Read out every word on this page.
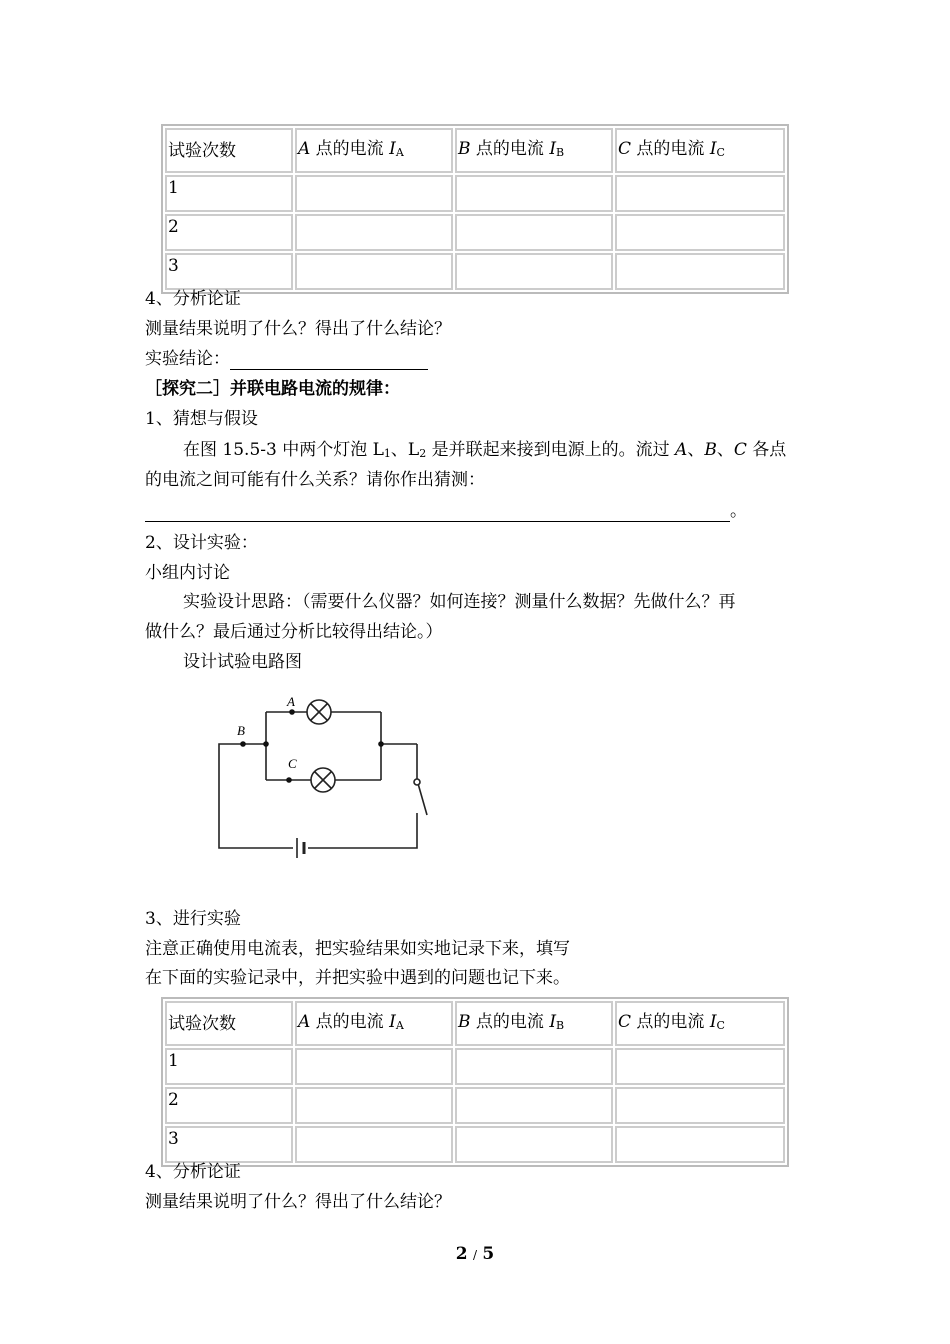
试验次数	A 点的电流 $I_A$	B 点的电流 $I_B$	C 点的电流 $I_C$
1			
2			
3			
4、分析论证
测量结果说明了什么？得出了什么结论？
实验结论：
［探究二］并联电路电流的规律：
1、猜想与假设
在图 15.5-3 中两个灯泡 $L_1$、$L_2$ 是并联起来接到电源上的。流过 A、B、C 各点
的电流之间可能有什么关系？请你作出猜测：
。
2、设计实验：
小组内讨论
实验设计思路：（需要什么仪器？如何连接？测量什么数据？先做什么？再
做什么？最后通过分析比较得出结论。）
设计试验电路图
A
B
C
3、进行实验
注意正确使用电流表，把实验结果如实地记录下来，填写
在下面的实验记录中，并把实验中遇到的问题也记下来。
试验次数	A 点的电流 $I_A$	B 点的电流 $I_B$	C 点的电流 $I_C$
1			
2			
3			
4、分析论证
测量结果说明了什么？得出了什么结论？
2 / 5
